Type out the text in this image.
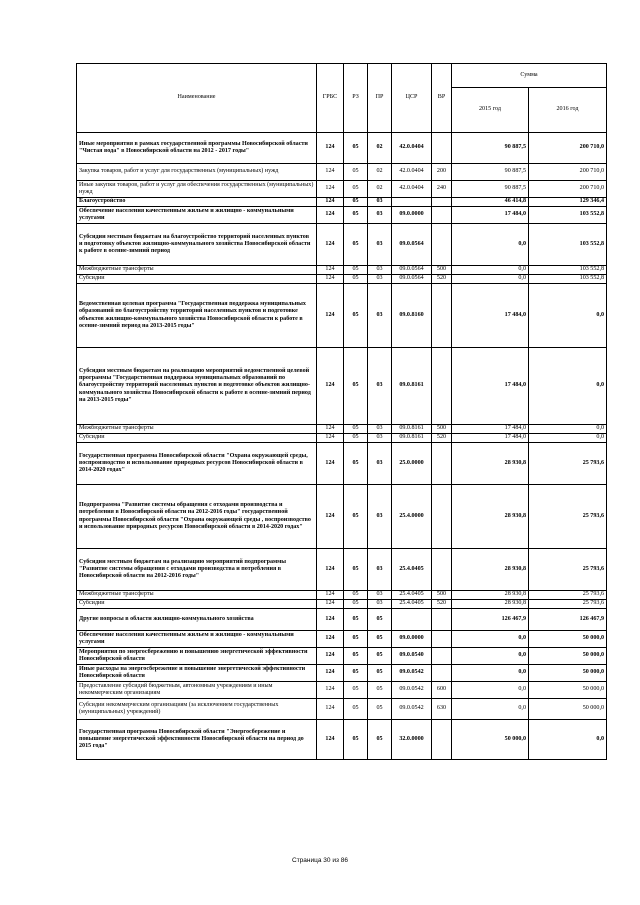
Наименование	ГРБС	РЗ	ПР	ЦСР	ВР	Сумма	
						2015 год	2016 год
Иные мероприятия в рамках государственной программы Новосибирской области "Чистая вода" в Новосибирской области на 2012 - 2017 годы"	124	05	02	42.0.0404		90 887,5	200 710,0
Закупка товаров, работ и услуг для государственных (муниципальных) нужд	124	05	02	42.0.0404	200	90 887,5	200 710,0
Иные закупки товаров, работ и услуг для обеспечения государственных (муниципальных) нужд	124	05	02	42.0.0404	240	90 887,5	200 710,0
Благоустройство	124	05	03			46 414,8	129 346,4
Обеспечение населения качественным жильем и жилищно - коммунальными услугами	124	05	03	09.0.0000		17 484,0	103 552,8
Субсидии местным бюджетам на благоустройство территорий населенных пунктов и подготовку объектов жилищно-коммунального хозяйства Новосибирской области к работе в осенне-зимний период	124	05	03	09.0.0564		0,0	103 552,8
Межбюджетные трансферты	124	05	03	09.0.0564	500	0,0	103 552,8
Субсидии	124	05	03	09.0.0564	520	0,0	103 552,8
Ведомственная целевая программа "Государственная поддержка муниципальных образований по благоустройству территорий населенных пунктов и подготовке объектов жилищно-коммунального хозяйства Новосибирской области к работе в осенне-зимний период на 2013-2015 годы"	124	05	03	09.0.8160		17 484,0	0,0
Субсидия местным бюджетам на реализацию мероприятий ведомственной целевой программы "Государственная поддержка муниципальных образований по благоустройству территорий населенных пунктов и подготовке объектов жилищно-коммунального хозяйства Новосибирской области к работе в осенне-зимний период на 2013-2015 годы"	124	05	03	09.0.8161		17 484,0	0,0
Межбюджетные трансферты	124	05	03	09.0.8161	500	17 484,0	0,0
Субсидии	124	05	03	09.0.8161	520	17 484,0	0,0
Государственная программа Новосибирской области "Охрана окружающей среды, воспроизводство и использование природных ресурсов Новосибирской области в 2014-2020 годах"	124	05	03	25.0.0000		28 930,8	25 793,6
Подпрограмма "Развитие системы обращения с отходами производства и потребления в Новосибирской области на 2012-2016 годы" государственной программы Новосибирской области "Охрана окружающей среды , воспроизводство и использование природных ресурсов Новосибирской области в 2014-2020 годах"	124	05	03	25.4.0000		28 930,8	25 793,6
Субсидии местным бюджетам на реализацию мероприятий подпрограммы "Развитие системы обращения с отходами производства и потребления в Новосибирской области на 2012-2016 годы"	124	05	03	25.4.0405		28 930,8	25 793,6
Межбюджетные трансферты	124	05	03	25.4.0405	500	28 930,8	25 793,6
Субсидии	124	05	03	25.4.0405	520	28 930,8	25 793,6
Другие вопросы в области жилищно-коммунального хозяйства	124	05	05			126 467,9	126 467,9
Обеспечение населения качественным жильем и жилищно - коммунальными услугами	124	05	05	09.0.0000		0,0	50 000,0
Мероприятия по энергосбережению и повышению энергетической эффективности Новосибирской области	124	05	05	09.0.0540		0,0	50 000,0
Иные расходы на энергосбережение и повышение энергетической эффективности Новосибирской области	124	05	05	09.0.0542		0,0	50 000,0
Предоставление субсидий бюджетным, автономным учреждениям и иным некоммерческим организациям	124	05	05	09.0.0542	600	0,0	50 000,0
Субсидии некоммерческим организациям (за исключением государственных (муниципальных) учреждений)	124	05	05	09.0.0542	630	0,0	50 000,0
Государственная программа Новосибирской области "Энергосбережение и повышение энергетической эффективности Новосибирской области на период до 2015 года"	124	05	05	32.0.0000		50 000,0	0,0
Страница 30 из 86
